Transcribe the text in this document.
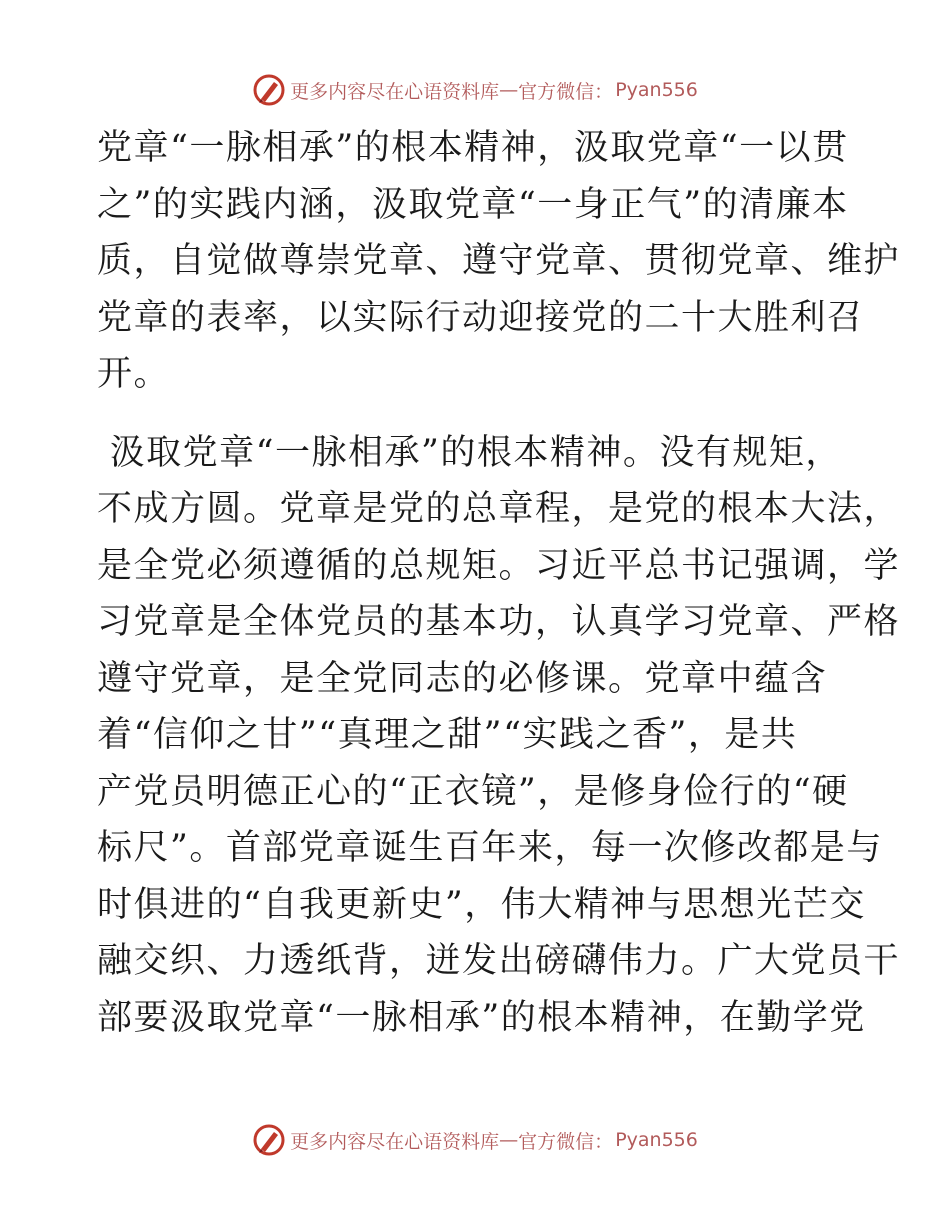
更多内容尽在心语资料库 — 官方微信： Pyan556
党章“一脉相承”的根本精神，汲取党章“一以贯
之”的实践内涵，汲取党章“一身正气”的清廉本
质，自觉做尊崇党章、遵守党章、贯彻党章、维护
党章的表率，以实际行动迎接党的二十大胜利召
开。
汲取党章“一脉相承”的根本精神。没有规矩，
不成方圆。党章是党的总章程，是党的根本大法，
是全党必须遵循的总规矩。习近平总书记强调，学
习党章是全体党员的基本功，认真学习党章、严格
遵守党章，是全党同志的必修课。党章中蕴含
着“信仰之甘”“真理之甜”“实践之香”，是共
产党员明德正心的“正衣镜”，是修身俭行的“硬
标尺”。首部党章诞生百年来，每一次修改都是与
时俱进的“自我更新史”，伟大精神与思想光芒交
融交织、力透纸背，迸发出磅礴伟力。广大党员干
部要汲取党章“一脉相承”的根本精神，在勤学党
更多内容尽在心语资料库 — 官方微信： Pyan556
